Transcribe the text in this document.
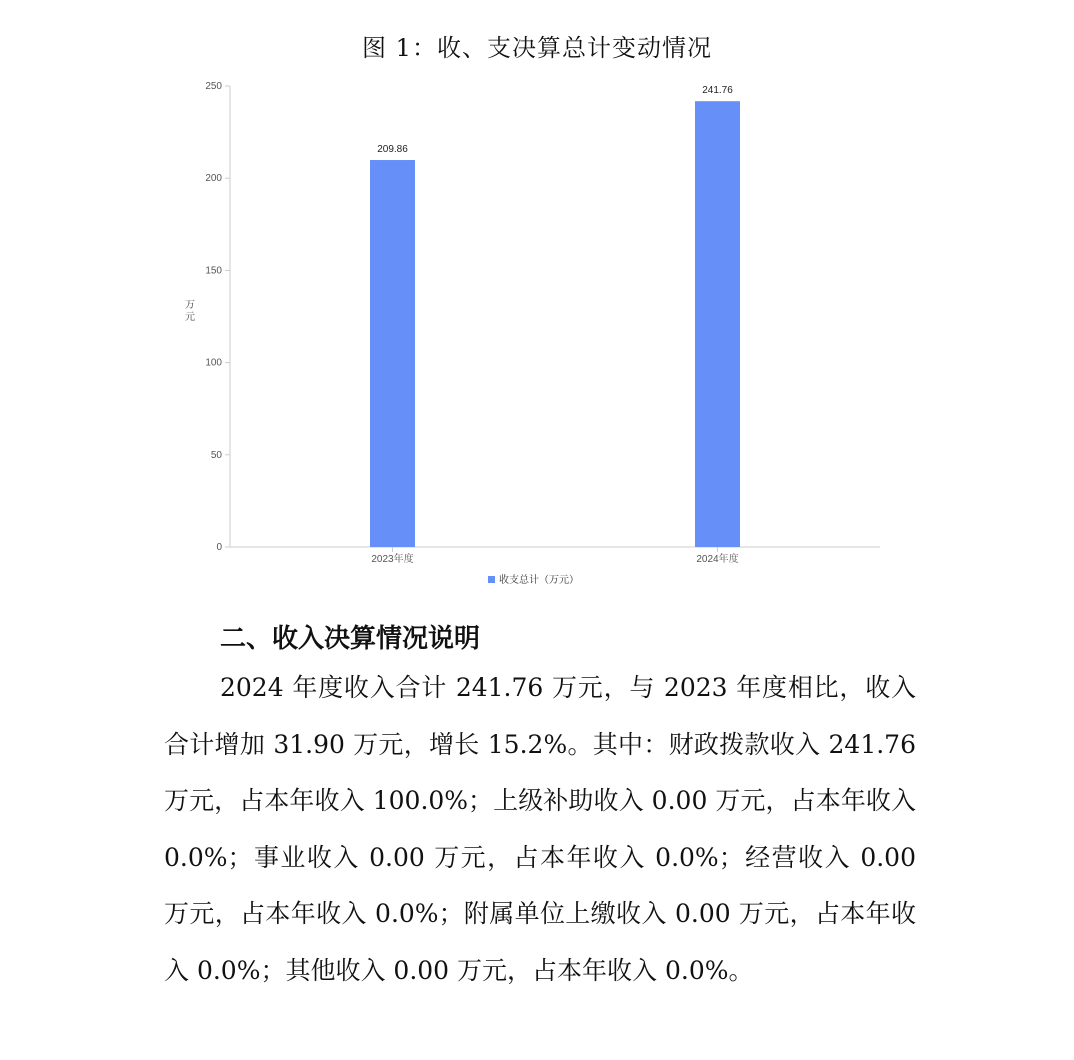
图 1：收、支决算总计变动情况
0
50
100
150
200
250
万
元
209.86
2023年度
241.76
2024年度
收支总计（万元）
二、收入决算情况说明

2024 年度收入合计 241.76 万元，与 2023 年度相比，收入合计增加 31.90 万元，增长 15.2%。其中：财政拨款收入 241.76 万元，占本年收入 100.0%；上级补助收入 0.00 万元，占本年收入 0.0%；事业收入 0.00 万元，占本年收入 0.0%；经营收入 0.00 万元，占本年收入 0.0%；附属单位上缴收入 0.00 万元，占本年收入 0.0%；其他收入 0.00 万元，占本年收入 0.0%。
